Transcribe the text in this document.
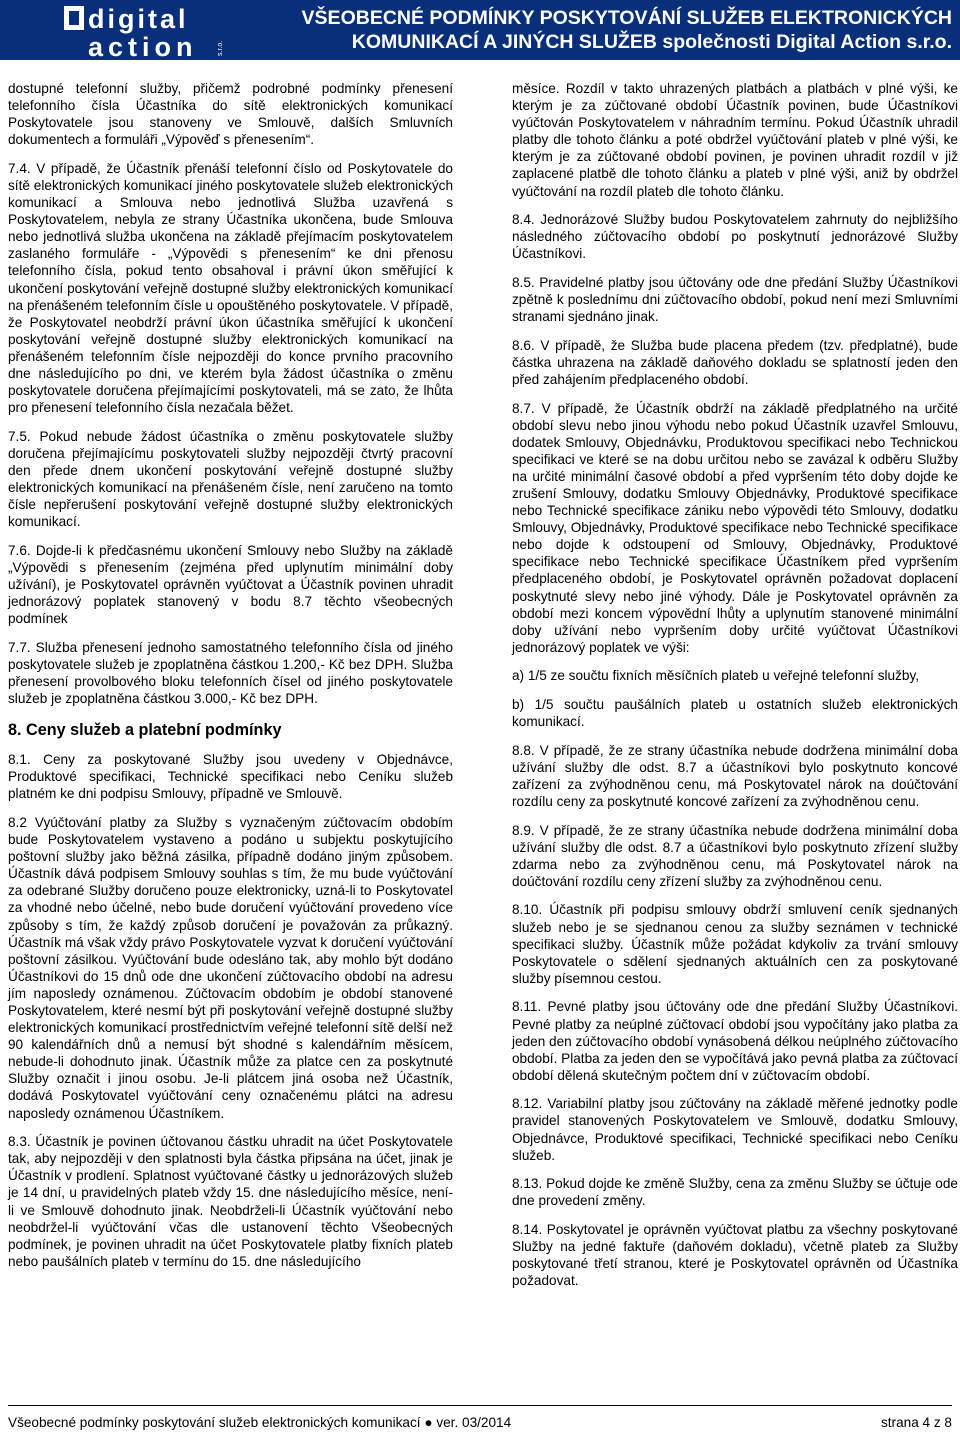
digital
action	s.r.o.
VŠEOBECNÉ PODMÍNKY POSKYTOVÁNÍ SLUŽEB ELEKTRONICKÝCH
KOMUNIKACÍ A JINÝCH SLUŽEB společnosti Digital Action s.r.o.

dostupné telefonní služby, přičemž podrobné podmínky přenesení telefonního čísla Účastníka do sítě elektronických komunikací Poskytovatele jsou stanoveny ve Smlouvě, dalších Smluvních dokumentech a formuláři „Výpověď s přenesením“.

7.4. V případě, že Účastník přenáší telefonní číslo od Poskytovatele do sítě elektronických komunikací jiného poskytovatele služeb elektronických komunikací a Smlouva nebo jednotlivá Služba uzavřená s Poskytovatelem, nebyla ze strany Účastníka ukončena, bude Smlouva nebo jednotlivá služba ukončena na základě přejímacím poskytovatelem zaslaného formuláře - „Výpovědi s přenesením“ ke dni přenosu telefonního čísla, pokud tento obsahoval i právní úkon směřující k ukončení poskytování veřejně dostupné služby elektronických komunikací na přenášeném telefonním čísle u opouštěného poskytovatele. V případě, že Poskytovatel neobdrží právní úkon účastníka směřující k ukončení poskytování veřejně dostupné služby elektronických komunikací na přenášeném telefonním čísle nejpozději do konce prvního pracovního dne následujícího po dni, ve kterém byla žádost účastníka o změnu poskytovatele doručena přejímajícími poskytovateli, má se zato, že lhůta pro přenesení telefonního čísla nezačala běžet.

7.5. Pokud nebude žádost účastníka o změnu poskytovatele služby doručena přejímajícímu poskytovateli služby nejpozději čtvrtý pracovní den přede dnem ukončení poskytování veřejně dostupné služby elektronických komunikací na přenášeném čísle, není zaručeno na tomto čísle nepřerušení poskytování veřejně dostupné služby elektronických komunikací.

7.6. Dojde-li k předčasnému ukončení Smlouvy nebo Služby na základě „Výpovědi s přenesením (zejména před uplynutím minimální doby užívání), je Poskytovatel oprávněn vyúčtovat a Účastník povinen uhradit jednorázový poplatek stanovený v bodu 8.7 těchto všeobecných podmínek

7.7. Služba přenesení jednoho samostatného telefonního čísla od jiného poskytovatele služeb je zpoplatněna částkou 1.200,- Kč bez DPH. Služba přenesení provolbového bloku telefonních čísel od jiného poskytovatele služeb je zpoplatněna částkou 3.000,- Kč bez DPH.

8. Ceny služeb a platební podmínky

8.1. Ceny za poskytované Služby jsou uvedeny v Objednávce, Produktové specifikaci, Technické specifikaci nebo Ceníku služeb platném ke dni podpisu Smlouvy, případně ve Smlouvě.

8.2 Vyúčtování platby za Služby s vyznačeným zúčtovacím obdobím bude Poskytovatelem vystaveno a podáno u subjektu poskytujícího poštovní služby jako běžná zásilka, případně dodáno jiným způsobem. Účastník dává podpisem Smlouvy souhlas s tím, že mu bude vyúčtování za odebrané Služby doručeno pouze elektronicky, uzná-li to Poskytovatel za vhodné nebo účelné, nebo bude doručení vyúčtování provedeno více způsoby s tím, že každý způsob doručení je považován za průkazný. Účastník má však vždy právo Poskytovatele vyzvat k doručení vyúčtování poštovní zásilkou. Vyúčtování bude odesláno tak, aby mohlo být dodáno Účastníkovi do 15 dnů ode dne ukončení zúčtovacího období na adresu jím naposledy oznámenou. Zúčtovacím obdobím je období stanovené Poskytovatelem, které nesmí být při poskytování veřejně dostupné služby elektronických komunikací prostřednictvím veřejné telefonní sítě delší než 90 kalendářních dnů a nemusí být shodné s kalendářním měsícem, nebude-li dohodnuto jinak. Účastník může za platce cen za poskytnuté Služby označit i jinou osobu. Je-li plátcem jiná osoba než Účastník, dodává Poskytovatel vyúčtování ceny označenému plátci na adresu naposledy oznámenou Účastníkem.

8.3. Účastník je povinen účtovanou částku uhradit na účet Poskytovatele tak, aby nejpozději v den splatnosti byla částka připsána na účet, jinak je Účastník v prodlení. Splatnost vyúčtované částky u jednorázových služeb je 14 dní, u pravidelných plateb vždy 15. dne následujícího měsíce, není-li ve Smlouvě dohodnuto jinak. Neobdrželi-li Účastník vyúčtování nebo neobdržel-li vyúčtování včas dle ustanovení těchto Všeobecných podmínek, je povinen uhradit na účet Poskytovatele platby fixních plateb nebo paušálních plateb v termínu do 15. dne následujícího

měsíce. Rozdíl v takto uhrazených platbách a platbách v plné výši, ke kterým je za zúčtované období Účastník povinen, bude Účastníkovi vyúčtován Poskytovatelem v náhradním termínu. Pokud Účastník uhradil platby dle tohoto článku a poté obdržel vyúčtování plateb v plné výši, ke kterým je za zúčtované období povinen, je povinen uhradit rozdíl v již zaplacené platbě dle tohoto článku a plateb v plné výši, aniž by obdržel vyúčtování na rozdíl plateb dle tohoto článku.

8.4. Jednorázové Služby budou Poskytovatelem zahrnuty do nejbližšího následného zúčtovacího období po poskytnutí jednorázové Služby Účastníkovi.

8.5. Pravidelné platby jsou účtovány ode dne předání Služby Účastníkovi zpětně k poslednímu dni zúčtovacího období, pokud není mezi Smluvními stranami sjednáno jinak.

8.6. V případě, že Služba bude placena předem (tzv. předplatné), bude částka uhrazena na základě daňového dokladu se splatností jeden den před zahájením předplaceného období.

8.7. V případě, že Účastník obdrží na základě předplatného na určité období slevu nebo jinou výhodu nebo pokud Účastník uzavřel Smlouvu, dodatek Smlouvy, Objednávku, Produktovou specifikaci nebo Technickou specifikaci ve které se na dobu určitou nebo se zavázal k odběru Služby na určité minimální časové období a před vypršením této doby dojde ke zrušení Smlouvy, dodatku Smlouvy Objednávky, Produktové specifikace nebo Technické specifikace zániku nebo výpovědi této Smlouvy, dodatku Smlouvy, Objednávky, Produktové specifikace nebo Technické specifikace nebo dojde k odstoupení od Smlouvy, Objednávky, Produktové specifikace nebo Technické specifikace Účastníkem před vypršením předplaceného období, je Poskytovatel oprávněn požadovat doplacení poskytnuté slevy nebo jiné výhody. Dále je Poskytovatel oprávněn za období mezi koncem výpovědní lhůty a uplynutím stanovené minimální doby užívání nebo vypršením doby určité vyúčtovat Účastníkovi jednorázový poplatek ve výši:

a) 1/5 ze součtu fixních měsíčních plateb u veřejné telefonní služby,

b) 1/5 součtu paušálních plateb u ostatních služeb elektronických komunikací.

8.8. V případě, že ze strany účastníka nebude dodržena minimální doba užívání služby dle odst. 8.7 a účastníkovi bylo poskytnuto koncové zařízení za zvýhodněnou cenu, má Poskytovatel nárok na doúčtování rozdílu ceny za poskytnuté koncové zařízení za zvýhodněnou cenu.

8.9. V případě, že ze strany účastníka nebude dodržena minimální doba užívání služby dle odst. 8.7 a účastníkovi bylo poskytnuto zřízení služby zdarma nebo za zvýhodněnou cenu, má Poskytovatel nárok na doúčtování rozdílu ceny zřízení služby za zvýhodněnou cenu.

8.10. Účastník při podpisu smlouvy obdrží smluvení ceník sjednaných služeb nebo je se sjednanou cenou za služby seznámen v technické specifikaci služby. Účastník může požádat kdykoliv za trvání smlouvy Poskytovatele o sdělení sjednaných aktuálních cen za poskytované služby písemnou cestou.

8.11. Pevné platby jsou účtovány ode dne předání Služby Účastníkovi. Pevné platby za neúplné zúčtovací období jsou vypočítány jako platba za jeden den zúčtovacího období vynásobená délkou neúplného zúčtovacího období. Platba za jeden den se vypočítává jako pevná platba za zúčtovací období dělená skutečným počtem dní v zúčtovacím období.

8.12. Variabilní platby jsou zúčtovány na základě měřené jednotky podle pravidel stanovených Poskytovatelem ve Smlouvě, dodatku Smlouvy, Objednávce, Produktové specifikaci, Technické specifikaci nebo Ceníku služeb.

8.13. Pokud dojde ke změně Služby, cena za změnu Služby se účtuje ode dne provedení změny.

8.14. Poskytovatel je oprávněn vyúčtovat platbu za všechny poskytované Služby na jedné faktuře (daňovém dokladu), včetně plateb za Služby poskytované třetí stranou, které je Poskytovatel oprávněn od Účastníka požadovat.

Všeobecné podmínky poskytování služeb elektronických komunikací ● ver. 03/2014	strana 4 z 8
